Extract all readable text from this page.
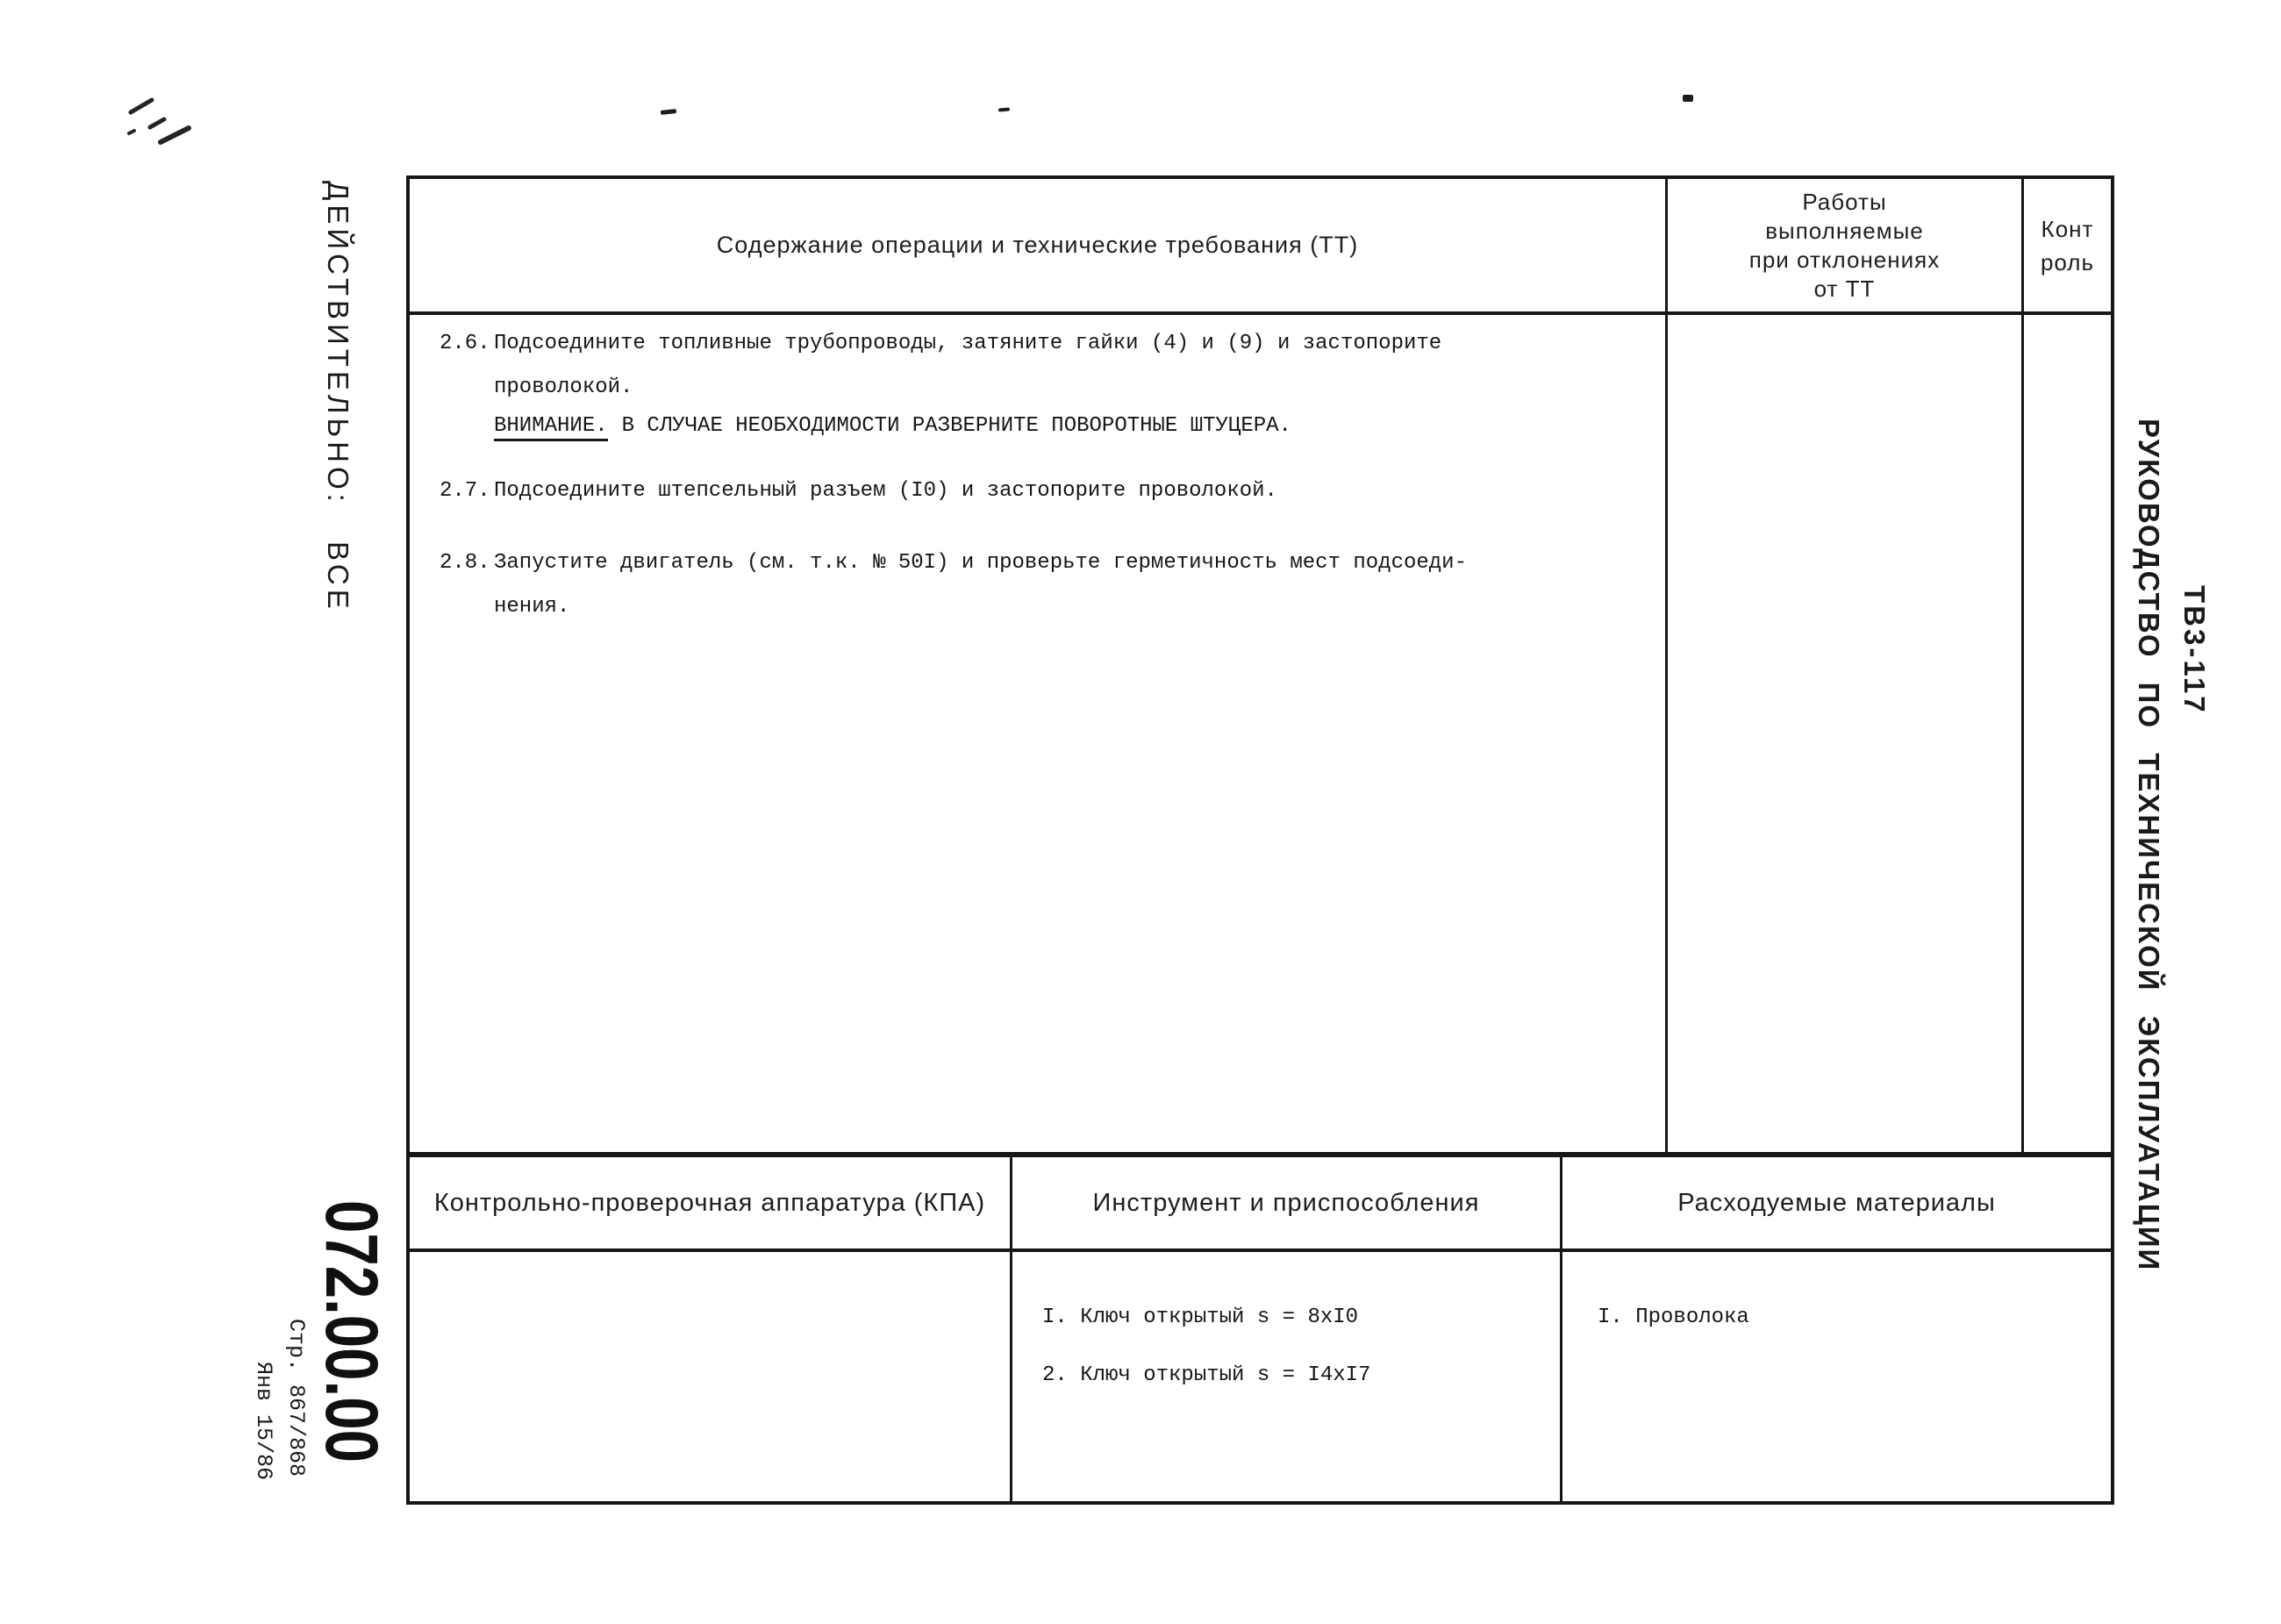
ДЕЙСТВИТЕЛЬНО: ВСЕ
072.00.00
Стр. 867/868
Янв 15/86
ТВ3-117
РУКОВОДСТВО ПО ТЕХНИЧЕСКОЙ ЭКСПЛУАТАЦИИ
Содержание операции и технические требования (ТТ)
Работы
выполняемые
при отклонениях
от ТТ
Конт
роль
2.6. Подсоедините топливные трубопроводы, затяните гайки (4) и (9) и застопорите
проволокой.
ВНИМАНИЕ. В СЛУЧАЕ НЕОБХОДИМОСТИ РАЗВЕРНИТЕ ПОВОРОТНЫЕ ШТУЦЕРА.
2.7. Подсоедините штепсельный разъем (I0) и застопорите проволокой.
2.8. Запустите двигатель (см. т.к. № 50I) и проверьте герметичность мест подсоеди-
нения.
Контрольно-проверочная аппаратура (КПА)	Инструмент и приспособления	Расходуемые материалы
I. Ключ открытый s = 8xI0
2. Ключ открытый s = I4xI7
I. Проволока
